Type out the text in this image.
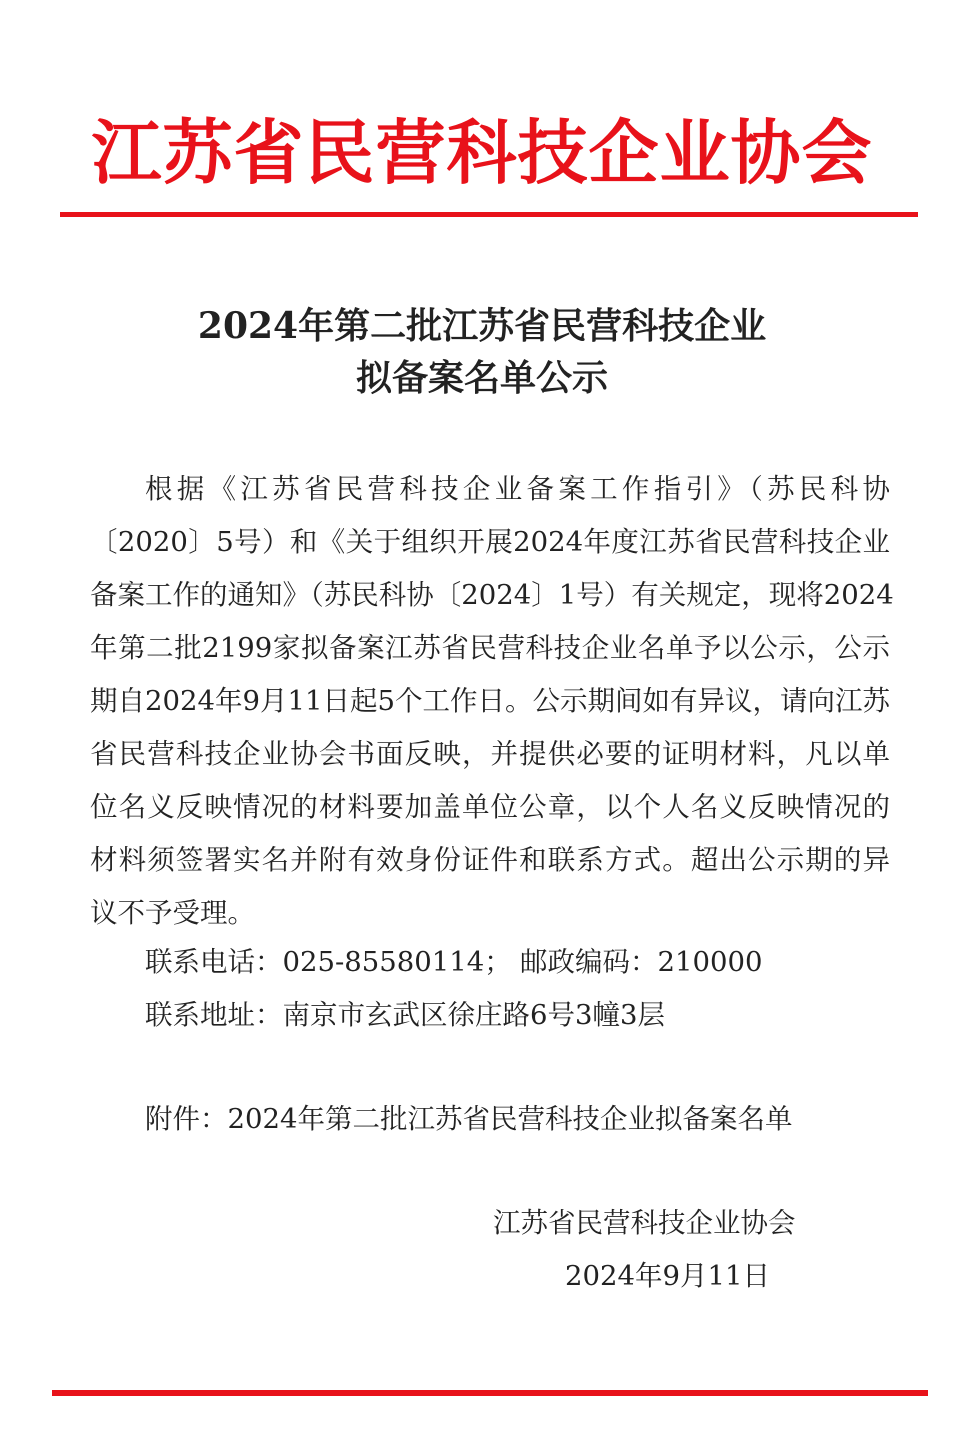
江苏省民营科技企业协会
2024年第二批江苏省民营科技企业
拟备案名单公示
根据《江苏省民营科技企业备案工作指引》（苏民科协
〔2020〕5号）和《关于组织开展2024年度江苏省民营科技企业
备案工作的通知》（苏民科协〔2024〕1号）有关规定，现将2024
年第二批2199家拟备案江苏省民营科技企业名单予以公示，公示
期自2024年9月11日起5个工作日。公示期间如有异议，请向江苏
省民营科技企业协会书面反映，并提供必要的证明材料，凡以单
位名义反映情况的材料要加盖单位公章，以个人名义反映情况的
材料须签署实名并附有效身份证件和联系方式。超出公示期的异
议不予受理。
联系电话：025-85580114； 邮政编码：210000
联系地址：南京市玄武区徐庄路6号3幢3层
附件：2024年第二批江苏省民营科技企业拟备案名单
江苏省民营科技企业协会
2024年9月11日
